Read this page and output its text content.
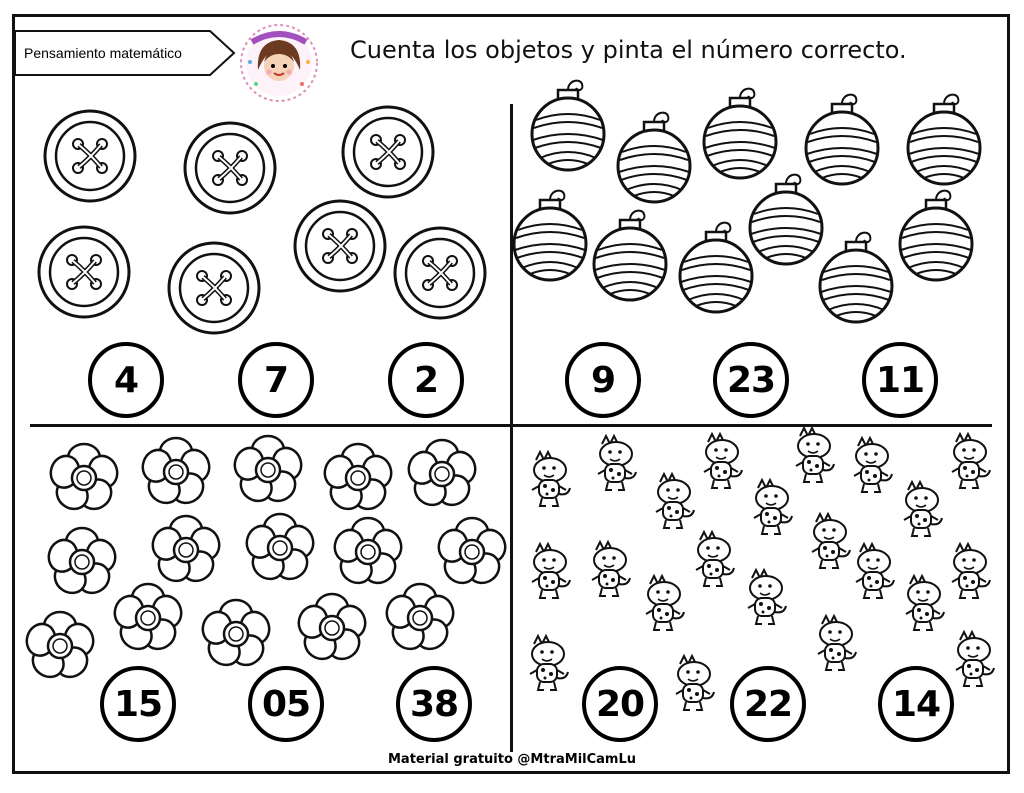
Pensamiento matemático	Cuenta los objetos y pinta el número correcto.
4	7	2	9	23	11
15	05	38	20	22	14
Material gratuito @MtraMilCamLu
